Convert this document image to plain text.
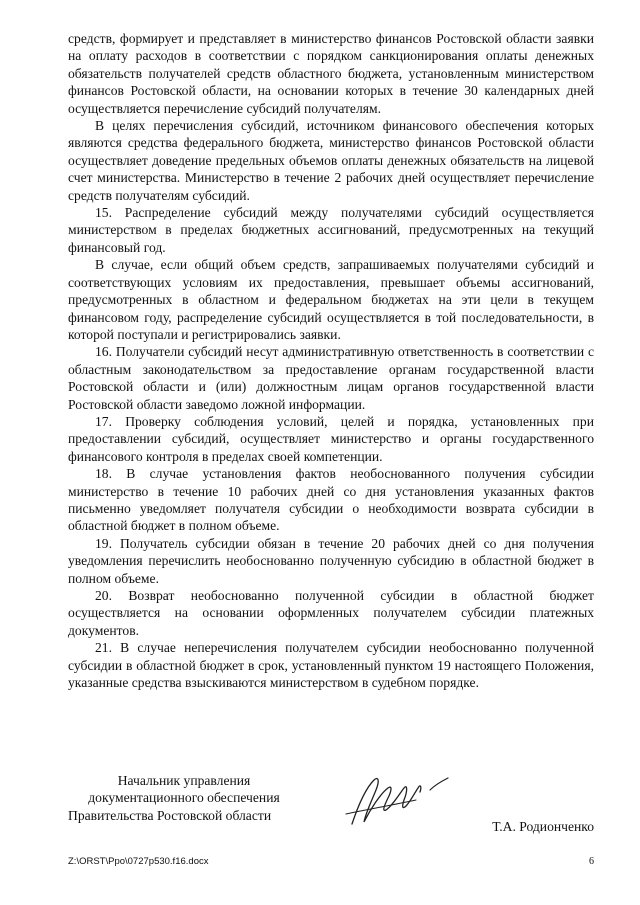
средств, формирует и представляет в министерство финансов Ростовской области заявки на оплату расходов в соответствии с порядком санкционирования оплаты денежных обязательств получателей средств областного бюджета, установленным министерством финансов Ростовской области, на основании которых в течение 30 календарных дней осуществляется перечисление субсидий получателям.

В целях перечисления субсидий, источником финансового обеспечения которых являются средства федерального бюджета, министерство финансов Ростовской области осуществляет доведение предельных объемов оплаты денежных обязательств на лицевой счет министерства. Министерство в течение 2 рабочих дней осуществляет перечисление средств получателям субсидий.

15. Распределение субсидий между получателями субсидий осуществляется министерством в пределах бюджетных ассигнований, предусмотренных на текущий финансовый год.

В случае, если общий объем средств, запрашиваемых получателями субсидий и соответствующих условиям их предоставления, превышает объемы ассигнований, предусмотренных в областном и федеральном бюджетах на эти цели в текущем финансовом году, распределение субсидий осуществляется в той последовательности, в которой поступали и регистрировались заявки.

16. Получатели субсидий несут административную ответственность в соответствии с областным законодательством за предоставление органам государственной власти Ростовской области и (или) должностным лицам органов государственной власти Ростовской области заведомо ложной информации.

17. Проверку соблюдения условий, целей и порядка, установленных при предоставлении субсидий, осуществляет министерство и органы государственного финансового контроля в пределах своей компетенции.

18. В случае установления фактов необоснованного получения субсидии министерство в течение 10 рабочих дней со дня установления указанных фактов письменно уведомляет получателя субсидии о необходимости возврата субсидии в областной бюджет в полном объеме.

19. Получатель субсидии обязан в течение 20 рабочих дней со дня получения уведомления перечислить необоснованно полученную субсидию в областной бюджет в полном объеме.

20. Возврат необоснованно полученной субсидии в областной бюджет осуществляется на основании оформленных получателем субсидии платежных документов.

21. В случае неперечисления получателем субсидии необоснованно полученной субсидии в областной бюджет в срок, установленный пунктом 19 настоящего Положения, указанные средства взыскиваются министерством в судебном порядке.

Начальник управления
документационного обеспечения
Правительства Ростовской области
Т.А. Родионченко
Z:\ORST\Ppo\0727p530.f16.docx	6
